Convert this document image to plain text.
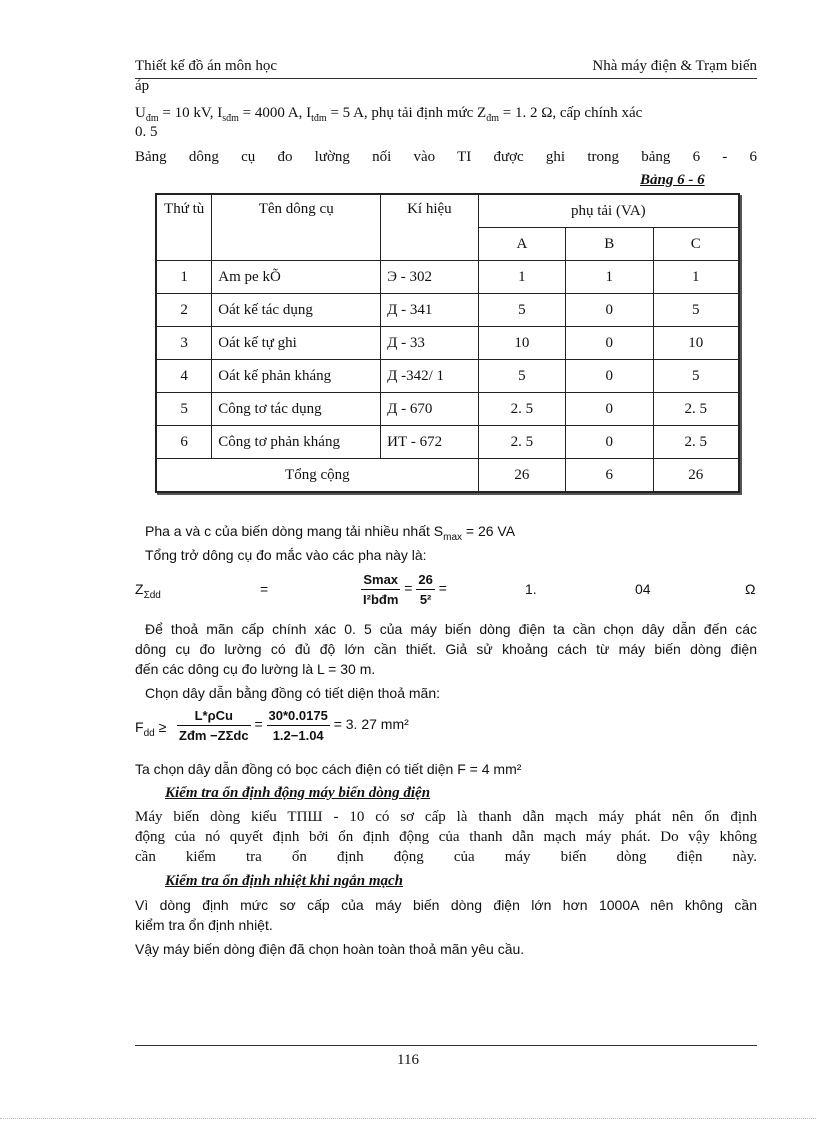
Thiết kế đồ án môn học	Nhà máy điện & Trạm biến
áp
$U_{đm} = 10$ kV, $I_{sđm} = 4000$ A, $I_{tđm} = 5$ A, phụ tải định mức $Z_{đm} = 1$. 2 Ω, cấp chính xác
0. 5
Bảng dông cụ đo lường nối vào TI được ghi trong bảng 6 - 6
Bảng 6 - 6
Thứ tù	Tên dông cụ	Kí hiệu	phụ tải (VA)		
			A	B	C
1	Am pe kÕ	Э - 302	1	1	1
2	Oát kế tác dụng	Д - 341	5	0	5
3	Oát kế tự ghi	Д - 33	10	0	10
4	Oát kế phản kháng	Д -342/ 1	5	0	5
5	Công tơ tác dụng	Д - 670	2. 5	0	2. 5
6	Công tơ phản kháng	ИТ - 672	2. 5	0	2. 5
Tổng cộng			26	6	26
Pha a và c của biến dòng mang tải nhiều nhất $S_{max} = 26$ VA
Tổng trở dông cụ đo mắc vào các pha này là:
$Z_{\Sigma dd}$	=	$\frac{Smax}{\text{I²bđm}} = \frac{26}{\text{5²}}$ =	1.	04	Ω
Để thoả mãn cấp chính xác 0. 5 của máy biến dòng điện ta cần chọn dây dẫn đến các
dông cụ đo lường có đủ độ lớn cần thiết. Giả sử khoảng cách từ máy biến dòng điện
đến các dông cụ đo lường là L = 30 m.
Chọn dây dẫn bằng đồng có tiết diện thoả mãn:
$F_{dd} \ge \frac{\text{L*ρCu}}{\text{Zđm −ZΣdc}} = \frac{30*0.0175}{1.2-1.04} = 3$. 27 mm²
Ta chọn dây dẫn đồng có bọc cách điện có tiết diện F = 4 mm²
Kiểm tra ổn định động máy biến dòng điện
Máy biến dòng kiểu TПШ - 10 có sơ cấp là thanh dẫn mạch máy phát nên ổn định
động của nó quyết định bởi ổn định động của thanh dẫn mạch máy phát. Do vậy không
cần kiểm tra ổn định động của máy biến dòng điện này.
Kiểm tra ổn định nhiệt khi ngắn mạch
Vì dòng định mức sơ cấp của máy biến dòng điện lớn hơn 1000A nên không cần
kiểm tra ổn định nhiệt.
Vậy máy biến dòng điện đã chọn hoàn toàn thoả mãn yêu cầu.
116
